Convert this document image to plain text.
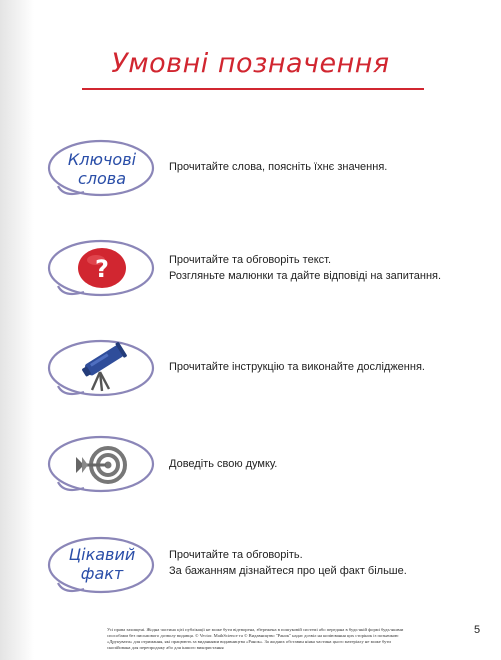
Умовні позначення
Ключові
слова
Прочитайте слова, поясніть їхнє значення.
?	Прочитайте та обговоріть текст.
Розгляньте малюнки та дайте відповіді на запитання.
Прочитайте інструкцію та виконайте дослідження.
Доведіть свою думку.
Цікавий
факт
Прочитайте та обговоріть.
За бажанням дізнайтеся про цей факт більше.
Усі права захищені. Жодна частина цієї публікації не може бути відтворена, збережена в пошуковій системі або передана в будь-якій формі будь-якими способами без письмового дозволу видавця. © Vector. MathScience та © Видавництво "Ранок" надає дозвіл на копіювання цих сторінок із позначкою «Друкувати» для отримання, які працюють за виданнями видавництва «Ранок». За жодних обставин ніяка частина цього матеріалу не може бути скопійована для перепродажу або для іншого використання
5
